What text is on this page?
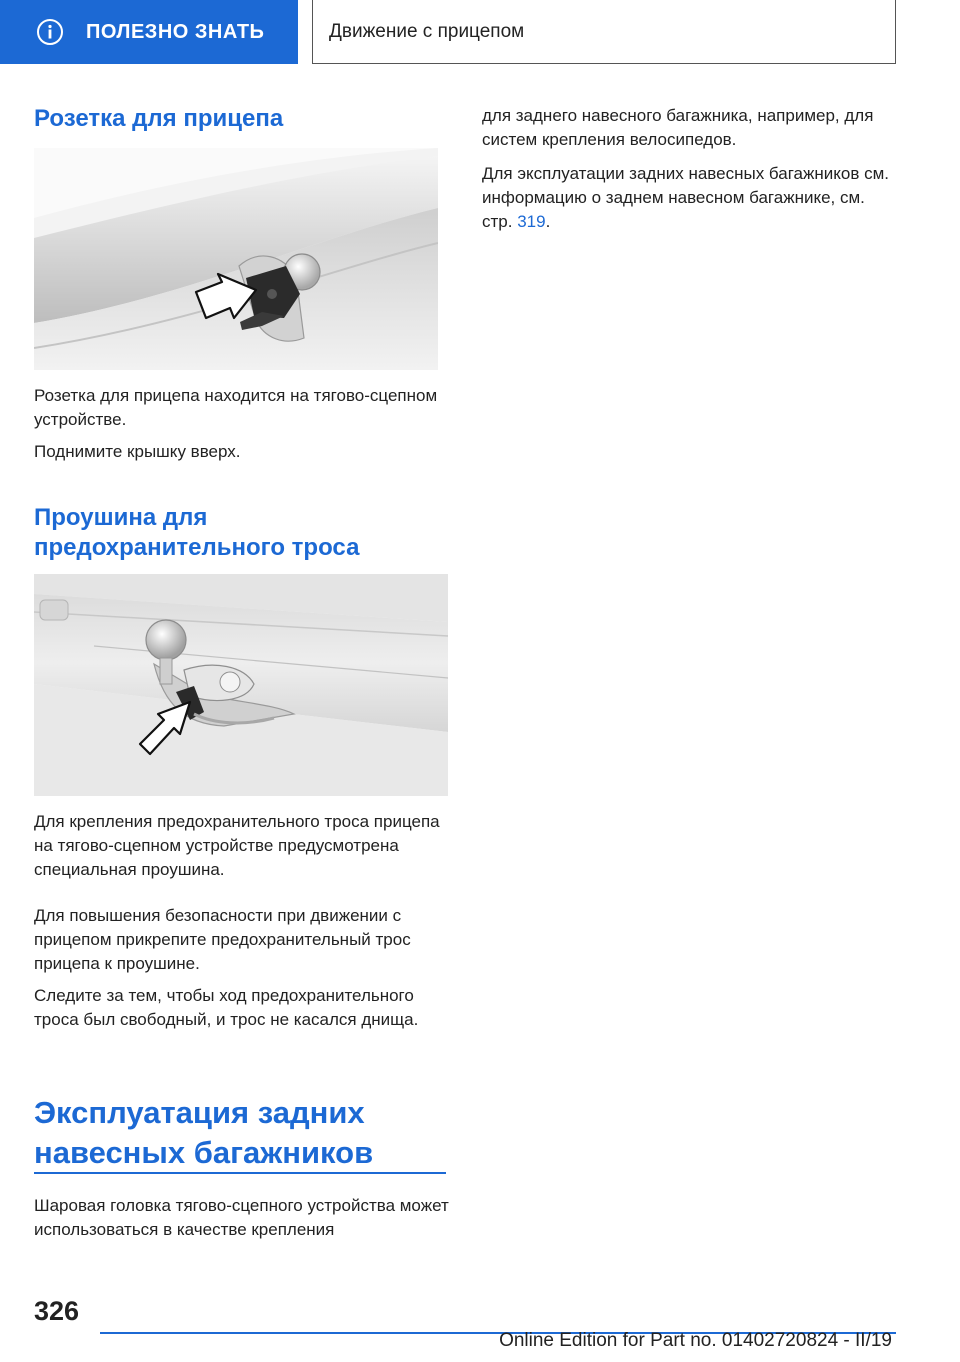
ПОЛЕЗНО ЗНАТЬ	Движение с прицепом
Розетка для прицепа

Розетка для прицепа находится на тягово-сцепном устройстве.

Поднимите крышку вверх.

Проушина для
предохранительного троса

Для крепления предохранительного троса прицепа на тягово-сцепном устройстве предусмотрена специальная проушина.

Для повышения безопасности при движении с прицепом прикрепите предохранительный трос прицепа к проушине.

Следите за тем, чтобы ход предохранительного троса был свободный, и трос не касался днища.

Эксплуатация задних
навесных багажников

Шаровая головка тягово-сцепного устройства может использоваться в качестве крепления

для заднего навесного багажника, например, для систем крепления велосипедов.

Для эксплуатации задних навесных багажников см. информацию о заднем навесном багажнике, см. стр. 319.

326
Online Edition for Part no. 01402720824 - II/19
